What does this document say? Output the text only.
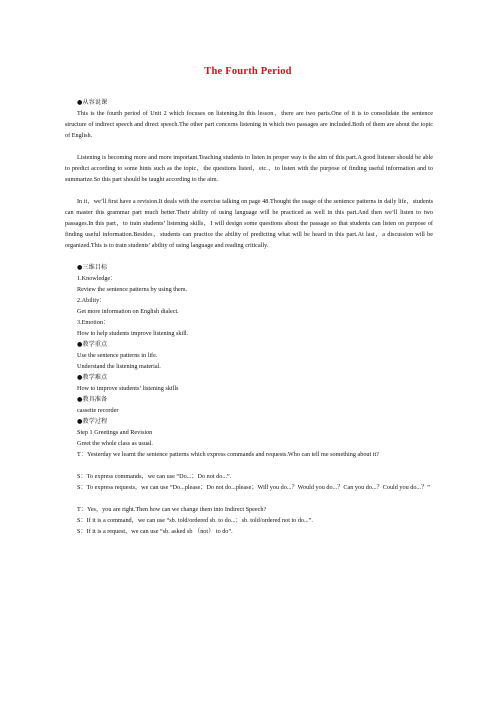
The Fourth Period
●从容说课
This is the fourth period of Unit 2 which focuses on listening.In this lesson，there are two parts.One of it is to consolidate the sentence structure of indirect speech and direct speech.The other part concerns listening in which two passages are included.Both of them are about the topic of English.
Listening is becoming more and more important.Teaching students to listen in proper way is the aim of this part.A good listener should be able to predict according to some hints such as the topic，the questions listed，etc.，to listen with the purpose of finding useful information and to summarize.So this part should be taught according to the aim.
In it，we’ll first have a revision.It deals with the exercise talking on page 48.Thought the usage of the sentence patterns in daily life，students can master this grammar part much better.Their ability of using language will be practiced as well in this part.And then we’ll listen to two passages.In this part，to train students’ listening skills，I will design some questions about the passage so that students can listen on purpose of finding useful information.Besides，students can practice the ability of predicting what will be heard in this part.At last，a discussion will be organized.This is to train students’ ability of using language and reading critically.
●三维目标
1.Knowledge：
Review the sentence patterns by using them.
2.Ability：
Get more information on English dialect.
3.Emotion：
How to help students improve listening skill.
●教学重点
Use the sentence patterns in life.
Understand the listening material.
●教学难点
How to improve students’ listening skills
●教具准备
cassette recorder
●教学过程
Step 1 Greetings and Revision
Greet the whole class as usual.
T：Yesterday we learnt the sentence patterns which express commands and requests.Who can tell me something about it?
S：To express commands，we can use “Do...；Do not do...”.
S：To express requests，we can use “Do...please；Do not do...please；Will you do...？Would you do...？Can you do...？Could you do...？”
T：Yes，you are right.Then how can we change them into Indirect Speech?
S：If it is a command，we can use “sb. told/ordered sb. to do...；sb. told/ordered not to do...”.
S：If it is a request，we can use “sb. asked sb （not） to do”.
